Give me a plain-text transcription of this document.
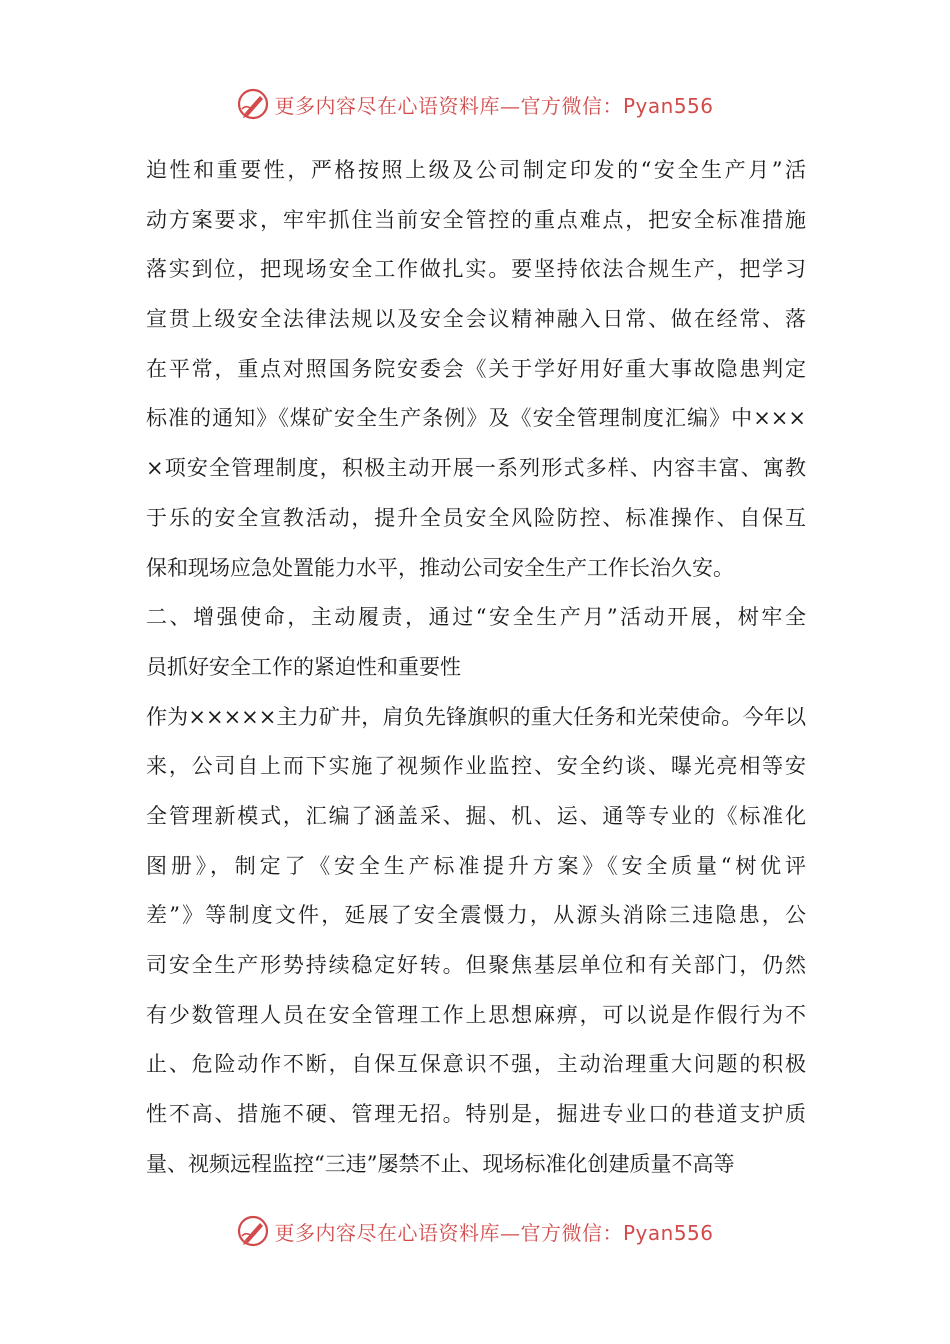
更多内容尽在心语资料库—官方微信：Pyan556
迫性和重要性，严格按照上级及公司制定印发的“安全生产月”活
动方案要求，牢牢抓住当前安全管控的重点难点，把安全标准措施
落实到位，把现场安全工作做扎实。要坚持依法合规生产，把学习
宣贯上级安全法律法规以及安全会议精神融入日常、做在经常、落
在平常，重点对照国务院安委会《关于学好用好重大事故隐患判定
标准的通知》《煤矿安全生产条例》及《安全管理制度汇编》中×××
×项安全管理制度，积极主动开展一系列形式多样、内容丰富、寓教
于乐的安全宣教活动，提升全员安全风险防控、标准操作、自保互
保和现场应急处置能力水平，推动公司安全生产工作长治久安。
二、增强使命，主动履责，通过“安全生产月”活动开展，树牢全
员抓好安全工作的紧迫性和重要性
作为×××××主力矿井，肩负先锋旗帜的重大任务和光荣使命。今年以
来，公司自上而下实施了视频作业监控、安全约谈、曝光亮相等安
全管理新模式，汇编了涵盖采、掘、机、运、通等专业的《标准化
图册》，制定了《安全生产标准提升方案》《安全质量“树优评
差”》等制度文件，延展了安全震慑力，从源头消除三违隐患，公
司安全生产形势持续稳定好转。但聚焦基层单位和有关部门，仍然
有少数管理人员在安全管理工作上思想麻痹，可以说是作假行为不
止、危险动作不断，自保互保意识不强，主动治理重大问题的积极
性不高、措施不硬、管理无招。特别是，掘进专业口的巷道支护质
量、视频远程监控“三违”屡禁不止、现场标准化创建质量不高等
更多内容尽在心语资料库—官方微信：Pyan556
